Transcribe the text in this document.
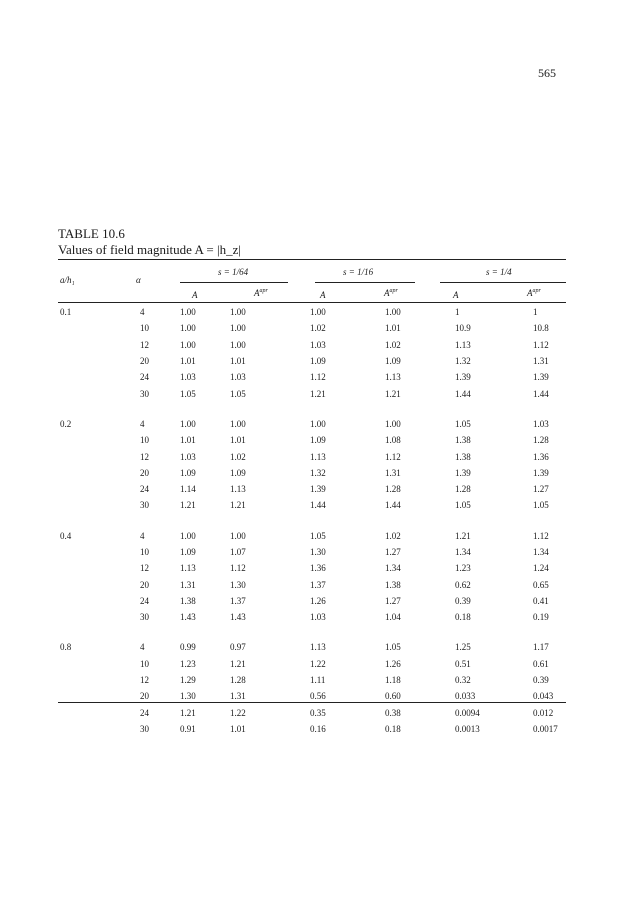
565
TABLE 10.6
Values of field magnitude A = |h_z|
a/h₁	α
s = 1/64	s = 1/16	s = 1/4
A	$A^{apr}$	A	$A^{apr}$	A	$A^{apr}$
0.1	4	1.00	1.00	1.00	1.00	1	1
	10	1.00	1.00	1.02	1.01	10.9	10.8
	12	1.00	1.00	1.03	1.02	1.13	1.12
	20	1.01	1.01	1.09	1.09	1.32	1.31
	24	1.03	1.03	1.12	1.13	1.39	1.39
	30	1.05	1.05	1.21	1.21	1.44	1.44

0.2	4	1.00	1.00	1.00	1.00	1.05	1.03
	10	1.01	1.01	1.09	1.08	1.38	1.28
	12	1.03	1.02	1.13	1.12	1.38	1.36
	20	1.09	1.09	1.32	1.31	1.39	1.39
	24	1.14	1.13	1.39	1.28	1.28	1.27
	30	1.21	1.21	1.44	1.44	1.05	1.05

0.4	4	1.00	1.00	1.05	1.02	1.21	1.12
	10	1.09	1.07	1.30	1.27	1.34	1.34
	12	1.13	1.12	1.36	1.34	1.23	1.24
	20	1.31	1.30	1.37	1.38	0.62	0.65
	24	1.38	1.37	1.26	1.27	0.39	0.41
	30	1.43	1.43	1.03	1.04	0.18	0.19

0.8	4	0.99	0.97	1.13	1.05	1.25	1.17
	10	1.23	1.21	1.22	1.26	0.51	0.61
	12	1.29	1.28	1.11	1.18	0.32	0.39
	20	1.30	1.31	0.56	0.60	0.033	0.043
	24	1.21	1.22	0.35	0.38	0.0094	0.012
	30	0.91	1.01	0.16	0.18	0.0013	0.0017
